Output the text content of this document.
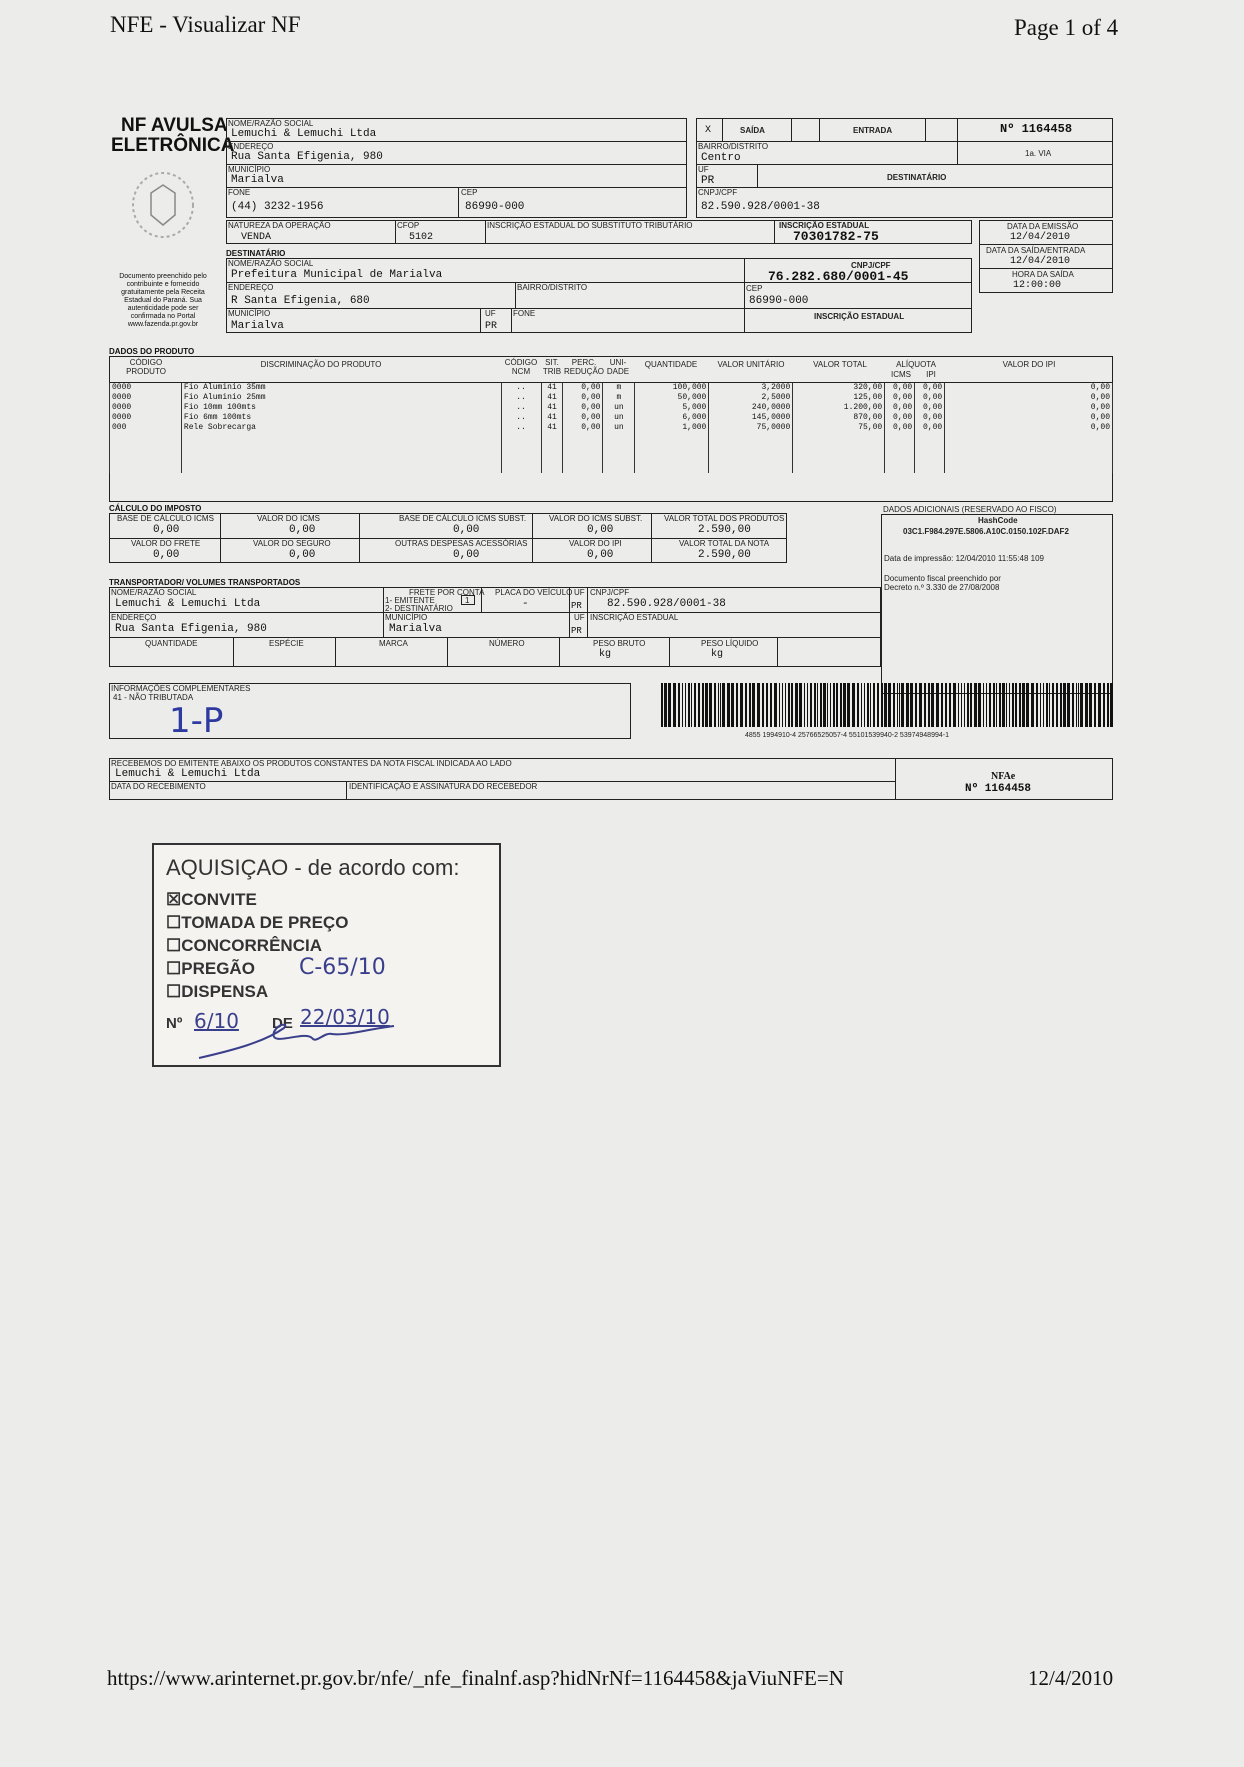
NFE - Visualizar NF	Page 1 of 4
https://www.arinternet.pr.gov.br/nfe/_nfe_finalnf.asp?hidNrNf=1164458&jaViuNFE=N	12/4/2010
NF AVULSA
ELETRÔNICA
Documento preenchido pelo
contribuinte e fornecido
gratuitamente pela Receita
Estadual do Paraná. Sua
autenticidade pode ser
confirmada no Portal
www.fazenda.pr.gov.br
NOME/RAZÃO SOCIAL
Lemuchi & Lemuchi Ltda
ENDEREÇO
Rua Santa Efigenia, 980
MUNICÍPIO
Marialva
FONE
(44) 3232-1956
CEP
86990-000
X	SAÍDA	ENTRADA	Nº 1164458
1a. VIA
BAIRRO/DISTRITO
Centro
UF
PR	DESTINATÁRIO
CNPJ/CPF
82.590.928/0001-38
NATUREZA DA OPERAÇÃO
VENDA
CFOP
5102
INSCRIÇÃO ESTADUAL DO SUBSTITUTO TRIBUTÁRIO	INSCRIÇÃO ESTADUAL
70301782-75
DATA DA EMISSÃO
12/04/2010
DATA DA SAÍDA/ENTRADA
12/04/2010
HORA DA SAÍDA
12:00:00
DESTINATÁRIO
NOME/RAZÃO SOCIAL
Prefeitura Municipal de Marialva
CNPJ/CPF
76.282.680/0001-45
ENDEREÇO
R Santa Efigenia, 680
BAIRRO/DISTRITO	CEP
86990-000
MUNICÍPIO
Marialva
UF
PR
FONE	INSCRIÇÃO ESTADUAL
DADOS DO PRODUTO
CÓDIGO PRODUTO
DISCRIMINAÇÃO DO PRODUTO	CÓDIGO NCM
SIT. TRIB
PERC. REDUÇÃO
UNI- DADE
QUANTIDADE	VALOR UNITÁRIO	VALOR TOTAL	ALÍQUOTA
ICMS	IPI
VALOR DO IPI
0000	Fio Aluminio 35mm	..	41	0,00	m	100,000	3,2000	320,00	0,00	0,00	0,00
0000	Fio Aluminio 25mm	..	41	0,00	m	50,000	2,5000	125,00	0,00	0,00	0,00
0000	Fio 10mm 100mts	..	41	0,00	un	5,000	240,0000	1.200,00	0,00	0,00	0,00
0000	Fio 6mm 100mts	..	41	0,00	un	6,000	145,0000	870,00	0,00	0,00	0,00
000	Rele Sobrecarga	..	41	0,00	un	1,000	75,0000	75,00	0,00	0,00	0,00

CÁLCULO DO IMPOSTO
BASE DE CÁLCULO ICMS
0,00
VALOR DO ICMS
0,00
BASE DE CÁLCULO ICMS SUBST.
0,00
VALOR DO ICMS SUBST.
0,00
VALOR TOTAL DOS PRODUTOS
2.590,00
VALOR DO FRETE
0,00
VALOR DO SEGURO
0,00
OUTRAS DESPESAS ACESSÓRIAS
0,00
VALOR DO IPI
0,00
VALOR TOTAL DA NOTA
2.590,00
DADOS ADICIONAIS (RESERVADO AO FISCO)
HashCode
03C1.F984.297E.5806.A10C.0150.102F.DAF2
Data de impressão: 12/04/2010 11:55:48 109
Documento fiscal preenchido por
Decreto n.º 3.330 de 27/08/2008
TRANSPORTADOR/ VOLUMES TRANSPORTADOS
NOME/RAZÃO SOCIAL
Lemuchi & Lemuchi Ltda
FRETE POR CONTA
1- EMITENTE
2- DESTINATÁRIO
1
PLACA DO VEÍCULO
-
UF
PR
CNPJ/CPF
82.590.928/0001-38
ENDEREÇO
Rua Santa Efigenia, 980
MUNICÍPIO
Marialva
UF
PR
INSCRIÇÃO ESTADUAL
QUANTIDADE	ESPÉCIE	MARCA	NÚMERO	PESO BRUTO
kg
PESO LÍQUIDO
kg
INFORMAÇÕES COMPLEMENTARES
41 - NÃO TRIBUTADA
1-P	4855 1994910-4 25766525057-4 55101539940-2 53974948994-1
RECEBEMOS DO EMITENTE ABAIXO OS PRODUTOS CONSTANTES DA NOTA FISCAL INDICADA AO LADO
Lemuchi & Lemuchi Ltda
DATA DO RECEBIMENTO	IDENTIFICAÇÃO E ASSINATURA DO RECEBEDOR
NFAe
Nº 1164458
AQUISIÇAO - de acordo com:
☒CONVITE
☐TOMADA DE PREÇO
☐CONCORRÊNCIA
☐PREGÃO
☐DISPENSA
C-65/10
Nº 6/10 DE 22/03/10
